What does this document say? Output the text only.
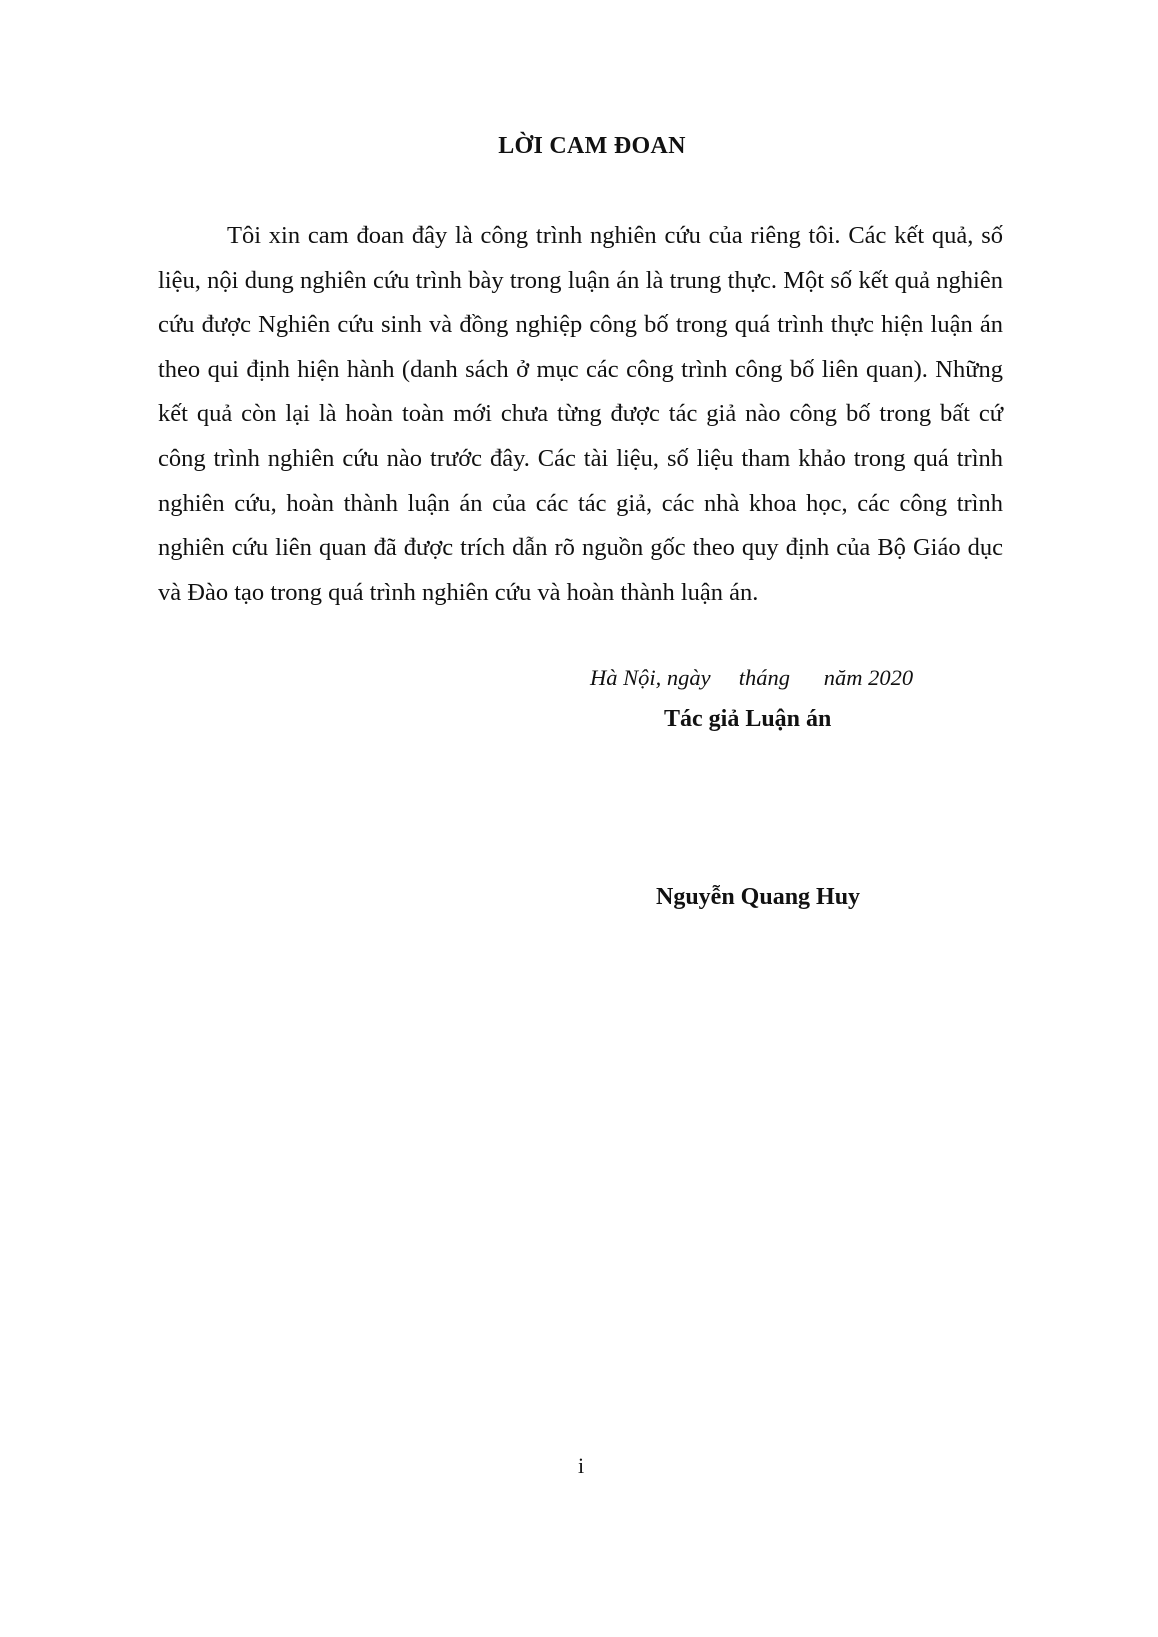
LỜI CAM ĐOAN

Tôi xin cam đoan đây là công trình nghiên cứu của riêng tôi. Các kết quả, số liệu, nội dung nghiên cứu trình bày trong luận án là trung thực. Một số kết quả nghiên cứu được Nghiên cứu sinh và đồng nghiệp công bố trong quá trình thực hiện luận án theo qui định hiện hành (danh sách ở mục các công trình công bố liên quan). Những kết quả còn lại là hoàn toàn mới chưa từng được tác giả nào công bố trong bất cứ công trình nghiên cứu nào trước đây. Các tài liệu, số liệu tham khảo trong quá trình nghiên cứu, hoàn thành luận án của các tác giả, các nhà khoa học, các công trình nghiên cứu liên quan đã được trích dẫn rõ nguồn gốc theo quy định của Bộ Giáo dục và Đào tạo trong quá trình nghiên cứu và hoàn thành luận án.

Hà Nội, ngày     tháng      năm 2020

Tác giả Luận án

Nguyễn Quang Huy

i
